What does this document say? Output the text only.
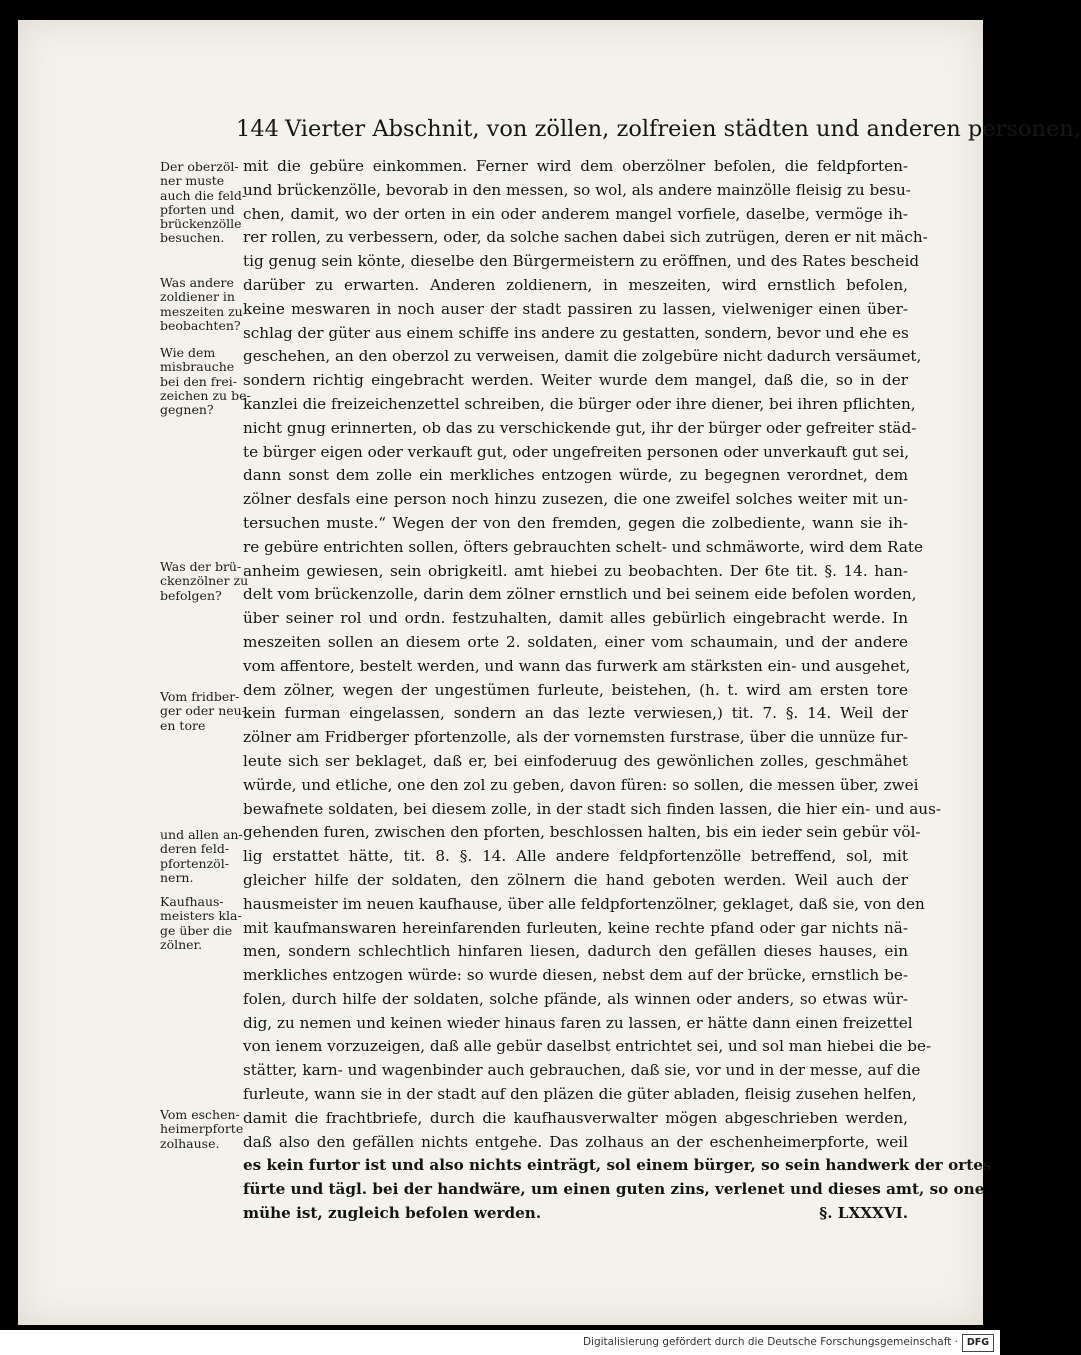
144 Vierter Abschnit, von zöllen, zolfreien städten und anderen personen,
Der oberzöl-
ner muste
auch die feld-
pforten und
brückenzölle
besuchen.
Was andere
zoldiener in
meszeiten zu
beobachten?
Wie dem
misbrauche
bei den frei-
zeichen zu be-
gegnen?
Was der brü-
ckenzölner zu
befolgen?
Vom fridber-
ger oder neu-
en tore
und allen an-
deren feld-
pfortenzöl-
nern.
Kaufhaus-
meisters kla-
ge über die
zölner.
Vom eschen-
heimerpforte
zolhause.
mit die gebüre einkommen. Ferner wird dem oberzölner befolen, die feldpforten-
und brückenzölle, bevorab in den messen, so wol, als andere mainzölle fleisig zu besu-
chen, damit, wo der orten in ein oder anderem mangel vorfiele, daselbe, vermöge ih-
rer rollen, zu verbessern, oder, da solche sachen dabei sich zutrügen, deren er nit mäch-
tig genug sein könte, dieselbe den Bürgermeistern zu eröffnen, und des Rates bescheid
darüber zu erwarten. Anderen zoldienern, in meszeiten, wird ernstlich befolen,
keine meswaren in noch auser der stadt passiren zu lassen, vielweniger einen über-
schlag der güter aus einem schiffe ins andere zu gestatten, sondern, bevor und ehe es
geschehen, an den oberzol zu verweisen, damit die zolgebüre nicht dadurch versäumet,
sondern richtig eingebracht werden. Weiter wurde dem mangel, daß die, so in der
kanzlei die freizeichenzettel schreiben, die bürger oder ihre diener, bei ihren pflichten,
nicht gnug erinnerten, ob das zu verschickende gut, ihr der bürger oder gefreiter städ-
te bürger eigen oder verkauft gut, oder ungefreiten personen oder unverkauft gut sei,
dann sonst dem zolle ein merkliches entzogen würde, zu begegnen verordnet, dem
zölner desfals eine person noch hinzu zusezen, die one zweifel solches weiter mit un-
tersuchen muste.“ Wegen der von den fremden, gegen die zolbediente, wann sie ih-
re gebüre entrichten sollen, öfters gebrauchten schelt- und schmäworte, wird dem Rate
anheim gewiesen, sein obrigkeitl. amt hiebei zu beobachten. Der 6te tit. §. 14. han-
delt vom brückenzolle, darin dem zölner ernstlich und bei seinem eide befolen worden,
über seiner rol und ordn. festzuhalten, damit alles gebürlich eingebracht werde. In
meszeiten sollen an diesem orte 2. soldaten, einer vom schaumain, und der andere
vom affentore, bestelt werden, und wann das furwerk am stärksten ein- und ausgehet,
dem zölner, wegen der ungestümen furleute, beistehen, (h. t. wird am ersten tore
kein furman eingelassen, sondern an das lezte verwiesen,) tit. 7. §. 14. Weil der
zölner am Fridberger pfortenzolle, als der vornemsten furstrase, über die unnüze fur-
leute sich ser beklaget, daß er, bei einfoderuug des gewönlichen zolles, geschmähet
würde, und etliche, one den zol zu geben, davon füren: so sollen, die messen über, zwei
bewafnete soldaten, bei diesem zolle, in der stadt sich finden lassen, die hier ein- und aus-
gehenden furen, zwischen den pforten, beschlossen halten, bis ein ieder sein gebür völ-
lig erstattet hätte, tit. 8. §. 14. Alle andere feldpfortenzölle betreffend, sol, mit
gleicher hilfe der soldaten, den zölnern die hand geboten werden. Weil auch der
hausmeister im neuen kaufhause, über alle feldpfortenzölner, geklaget, daß sie, von den
mit kaufmanswaren hereinfarenden furleuten, keine rechte pfand oder gar nichts nä-
men, sondern schlechtlich hinfaren liesen, dadurch den gefällen dieses hauses, ein
merkliches entzogen würde: so wurde diesen, nebst dem auf der brücke, ernstlich be-
folen, durch hilfe der soldaten, solche pfände, als winnen oder anders, so etwas wür-
dig, zu nemen und keinen wieder hinaus faren zu lassen, er hätte dann einen freizettel
von ienem vorzuzeigen, daß alle gebür daselbst entrichtet sei, und sol man hiebei die be-
stätter, karn- und wagenbinder auch gebrauchen, daß sie, vor und in der messe, auf die
furleute, wann sie in der stadt auf den pläzen die güter abladen, fleisig zusehen helfen,
damit die frachtbriefe, durch die kaufhausverwalter mögen abgeschrieben werden,
daß also den gefällen nichts entgehe. Das zolhaus an der eschenheimerpforte, weil
es kein furtor ist und also nichts einträgt, sol einem bürger, so sein handwerk der ortes
fürte und tägl. bei der handwäre, um einen guten zins, verlenet und dieses amt, so one
mühe ist, zugleich befolen werden.	§. LXXXVI.
Digitalisierung gefördert durch die Deutsche Forschungsgemeinschaft · DFG
